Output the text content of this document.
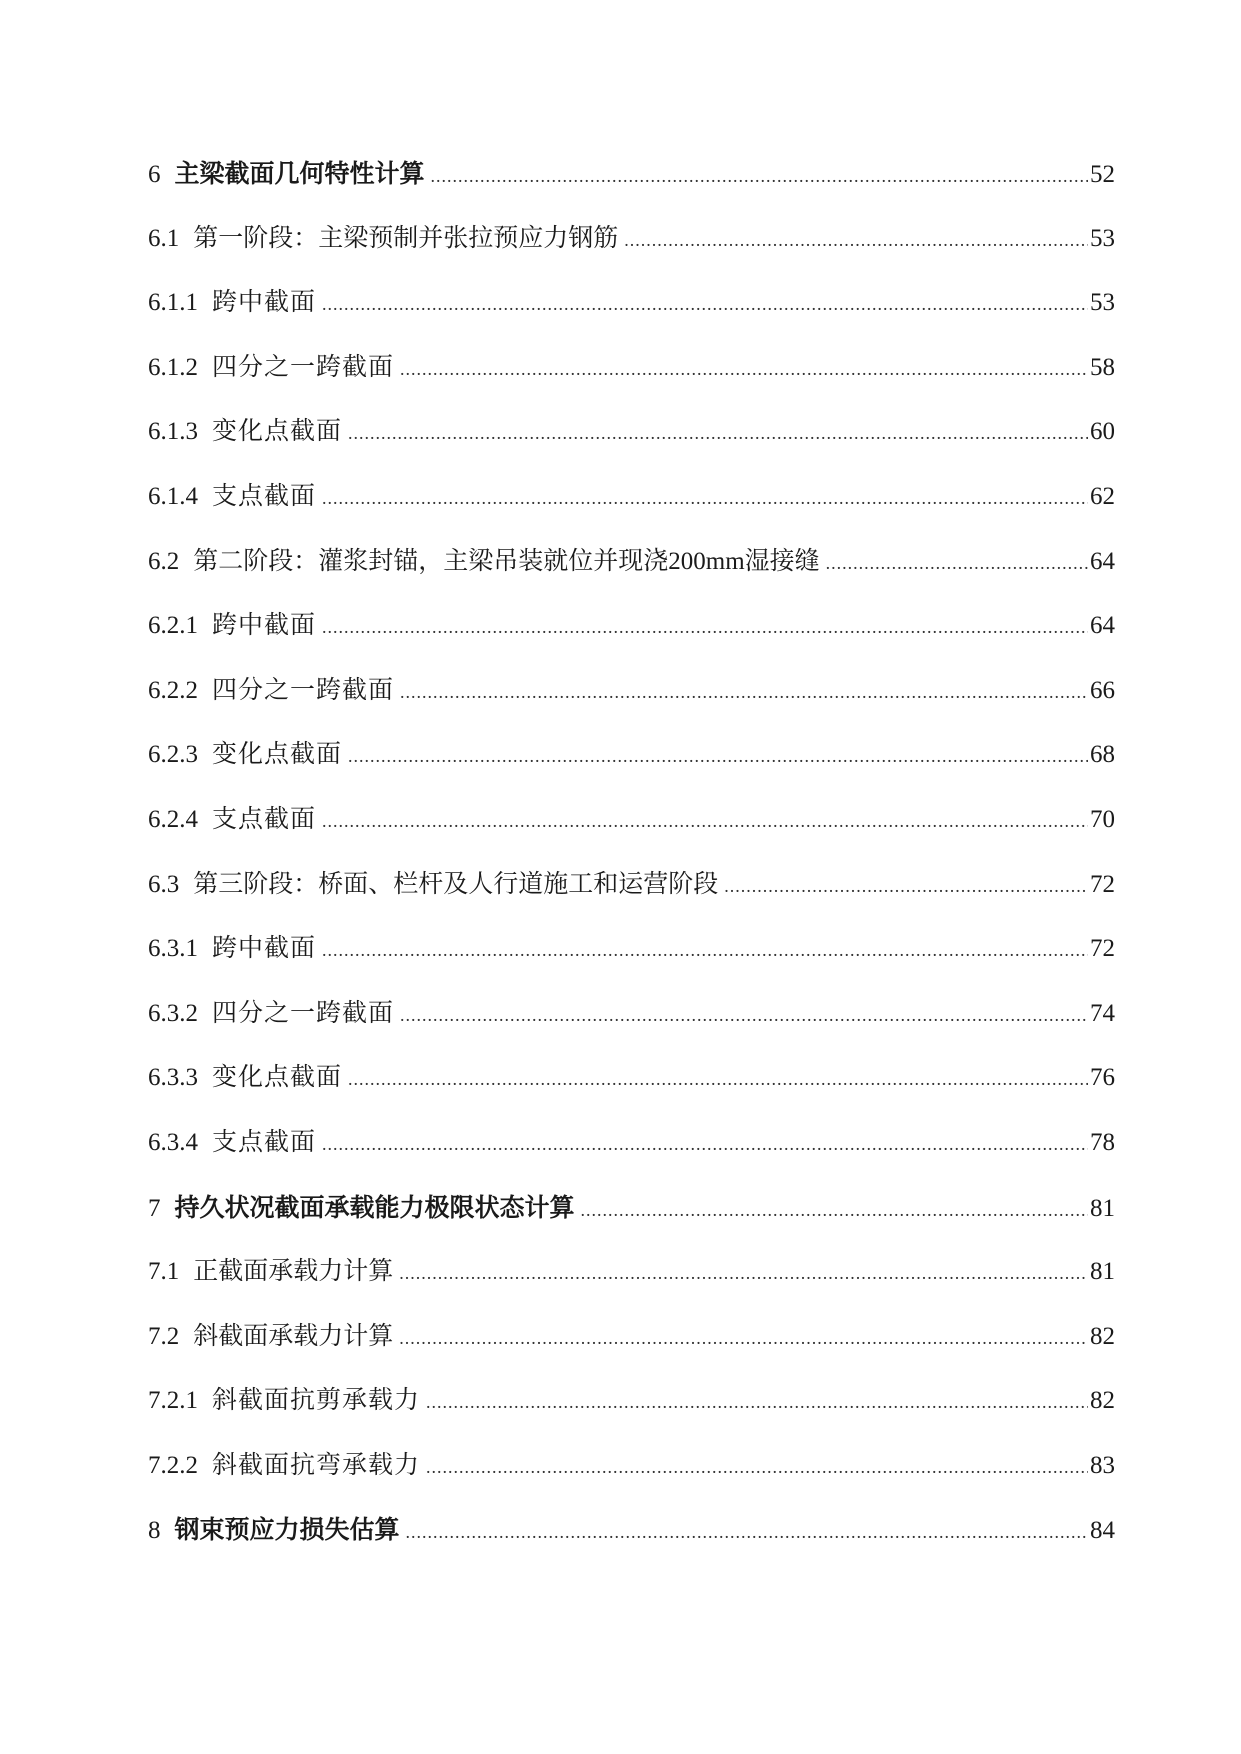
6 主梁截面几何特性计算 .....	52
6.1 第一阶段：主梁预制并张拉预应力钢筋 .....	53
6.1.1 跨中截面 .....	53
6.1.2 四分之一跨截面 .....	58
6.1.3 变化点截面 .....	60
6.1.4 支点截面 .....	62
6.2 第二阶段：灌浆封锚，主梁吊装就位并现浇200mm湿接缝 .....	64
6.2.1 跨中截面 .....	64
6.2.2 四分之一跨截面 .....	66
6.2.3 变化点截面 .....	68
6.2.4 支点截面 .....	70
6.3 第三阶段：桥面、栏杆及人行道施工和运营阶段 .....	72
6.3.1 跨中截面 .....	72
6.3.2 四分之一跨截面 .....	74
6.3.3 变化点截面 .....	76
6.3.4 支点截面 .....	78
7 持久状况截面承载能力极限状态计算 .....	81
7.1 正截面承载力计算 .....	81
7.2 斜截面承载力计算 .....	82
7.2.1 斜截面抗剪承载力 .....	82
7.2.2 斜截面抗弯承载力 .....	83
8 钢束预应力损失估算 .....	84
